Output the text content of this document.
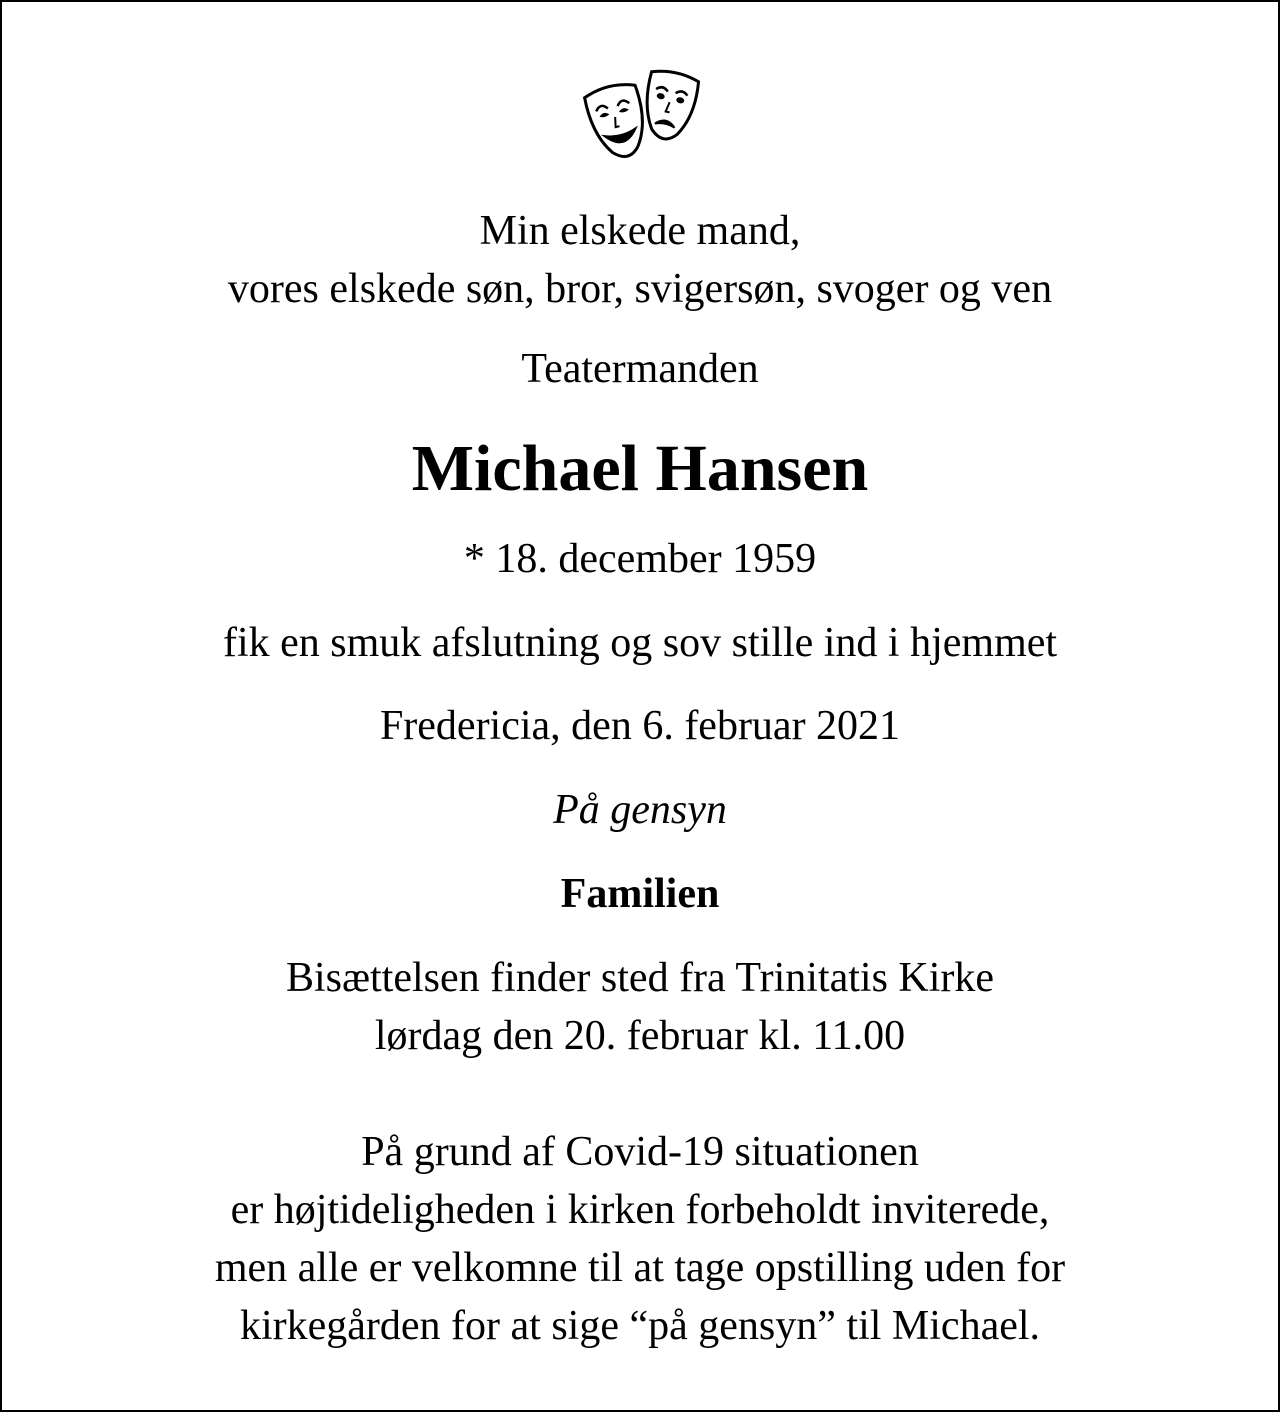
Min elskede mand,
vores elskede søn, bror, svigersøn, svoger og ven
Teatermanden
Michael Hansen
* 18. december 1959
fik en smuk afslutning og sov stille ind i hjemmet
Fredericia, den 6. februar 2021
På gensyn
Familien
Bisættelsen finder sted fra Trinitatis Kirke
lørdag den 20. februar kl. 11.00
På grund af Covid-19 situationen
er højtideligheden i kirken forbeholdt inviterede,
men alle er velkomne til at tage opstilling uden for
kirkegården for at sige “på gensyn” til Michael.
